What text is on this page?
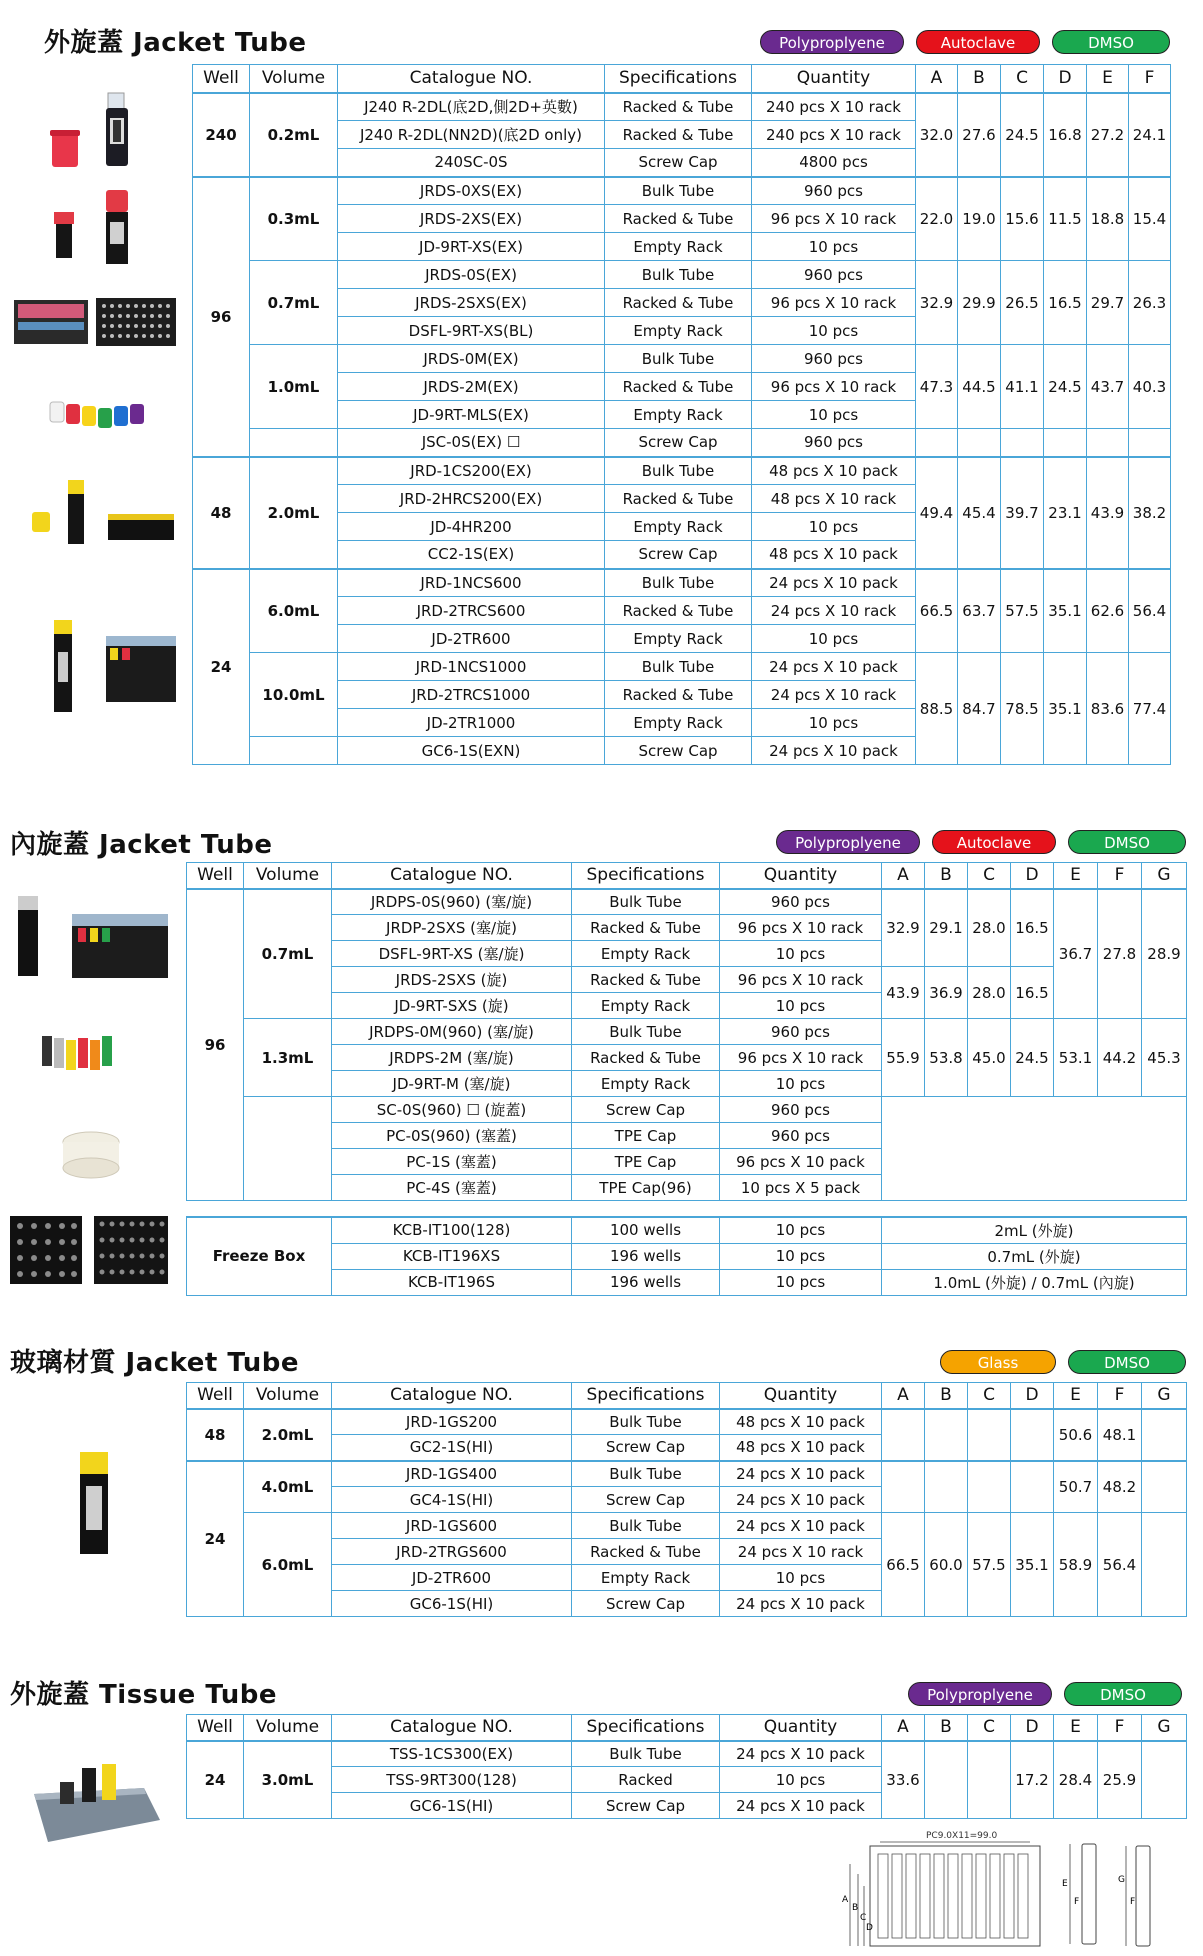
外旋蓋 Jacket Tube	Polyproplyene	Autoclave	DMSO
Well	Volume	Catalogue NO.	Specifications	Quantity	A	B	C	D	E	F
240	0.2mL	J240 R-2DL(底2D,側2D+英數)	Racked & Tube	240 pcs X 10 rack	32.0	27.6	24.5	16.8	27.2	24.1
		J240 R-2DL(NN2D)(底2D only)	Racked & Tube	240 pcs X 10 rack						
		240SC-0S	Screw Cap	4800 pcs						
96	0.3mL	JRDS-0XS(EX)	Bulk Tube	960 pcs	22.0	19.0	15.6	11.5	18.8	15.4
		JRDS-2XS(EX)	Racked & Tube	96 pcs X 10 rack						
		JD-9RT-XS(EX)	Empty Rack	10 pcs						
	0.7mL	JRDS-0S(EX)	Bulk Tube	960 pcs	32.9	29.9	26.5	16.5	29.7	26.3
		JRDS-2SXS(EX)	Racked & Tube	96 pcs X 10 rack						
		DSFL-9RT-XS(BL)	Empty Rack	10 pcs						
	1.0mL	JRDS-0M(EX)	Bulk Tube	960 pcs	47.3	44.5	41.1	24.5	43.7	40.3
		JRDS-2M(EX)	Racked & Tube	96 pcs X 10 rack						
		JD-9RT-MLS(EX)	Empty Rack	10 pcs						
		JSC-0S(EX) ☐	Screw Cap	960 pcs						
48	2.0mL	JRD-1CS200(EX)	Bulk Tube	48 pcs X 10 pack	49.4	45.4	39.7	23.1	43.9	38.2
		JRD-2HRCS200(EX)	Racked & Tube	48 pcs X 10 rack						
		JD-4HR200	Empty Rack	10 pcs						
		CC2-1S(EX)	Screw Cap	48 pcs X 10 pack						
24	6.0mL	JRD-1NCS600	Bulk Tube	24 pcs X 10 pack	66.5	63.7	57.5	35.1	62.6	56.4
		JRD-2TRCS600	Racked & Tube	24 pcs X 10 rack						
		JD-2TR600	Empty Rack	10 pcs						
	10.0mL	JRD-1NCS1000	Bulk Tube	24 pcs X 10 pack	88.5	84.7	78.5	35.1	83.6	77.4
		JRD-2TRCS1000	Racked & Tube	24 pcs X 10 rack						
		JD-2TR1000	Empty Rack	10 pcs						
		GC6-1S(EXN)	Screw Cap	24 pcs X 10 pack						
內旋蓋 Jacket Tube	Polyproplyene	Autoclave	DMSO
Well	Volume	Catalogue NO.	Specifications	Quantity	A	B	C	D	E	F	G
96	0.7mL	JRDPS-0S(960) (塞/旋)	Bulk Tube	960 pcs	32.9	29.1	28.0	16.5	36.7	27.8	28.9
		JRDP-2SXS (塞/旋)	Racked & Tube	96 pcs X 10 rack							
		DSFL-9RT-XS (塞/旋)	Empty Rack	10 pcs							
		JRDS-2SXS (旋)	Racked & Tube	96 pcs X 10 rack	43.9	36.9	28.0	16.5			
		JD-9RT-SXS (旋)	Empty Rack	10 pcs							
	1.3mL	JRDPS-0M(960) (塞/旋)	Bulk Tube	960 pcs	55.9	53.8	45.0	24.5	53.1	44.2	45.3
		JRDPS-2M (塞/旋)	Racked & Tube	96 pcs X 10 rack							
		JD-9RT-M (塞/旋)	Empty Rack	10 pcs							
		SC-0S(960) ☐ (旋蓋)	Screw Cap	960 pcs							
		PC-0S(960) (塞蓋)	TPE Cap	960 pcs							
		PC-1S (塞蓋)	TPE Cap	96 pcs X 10 pack							
		PC-4S (塞蓋)	TPE Cap(96)	10 pcs X 5 pack							
Freeze Box	KCB-IT100(128)	100 wells	10 pcs	2mL (外旋)
	KCB-IT196XS	196 wells	10 pcs	0.7mL (外旋)
	KCB-IT196S	196 wells	10 pcs	1.0mL (外旋) / 0.7mL (內旋)
玻璃材質 Jacket Tube	Glass	DMSO
Well	Volume	Catalogue NO.	Specifications	Quantity	A	B	C	D	E	F	G
48	2.0mL	JRD-1GS200	Bulk Tube	48 pcs X 10 pack					50.6	48.1	
		GC2-1S(HI)	Screw Cap	48 pcs X 10 pack							
24	4.0mL	JRD-1GS400	Bulk Tube	24 pcs X 10 pack					50.7	48.2	
		GC4-1S(HI)	Screw Cap	24 pcs X 10 pack							
	6.0mL	JRD-1GS600	Bulk Tube	24 pcs X 10 pack	66.5	60.0	57.5	35.1	58.9	56.4	
		JRD-2TRGS600	Racked & Tube	24 pcs X 10 rack							
		JD-2TR600	Empty Rack	10 pcs							
		GC6-1S(HI)	Screw Cap	24 pcs X 10 pack							
外旋蓋 Tissue Tube	Polyproplyene	DMSO
Well	Volume	Catalogue NO.	Specifications	Quantity	A	B	C	D	E	F	G
24	3.0mL	TSS-1CS300(EX)	Bulk Tube	24 pcs X 10 pack	33.6			17.2	28.4	25.9	
		TSS-9RT300(128)	Racked	10 pcs							
		GC6-1S(HI)	Screw Cap	24 pcs X 10 pack							
PC9.0X11=99.0
A
B
C
D
E
F
G
F
